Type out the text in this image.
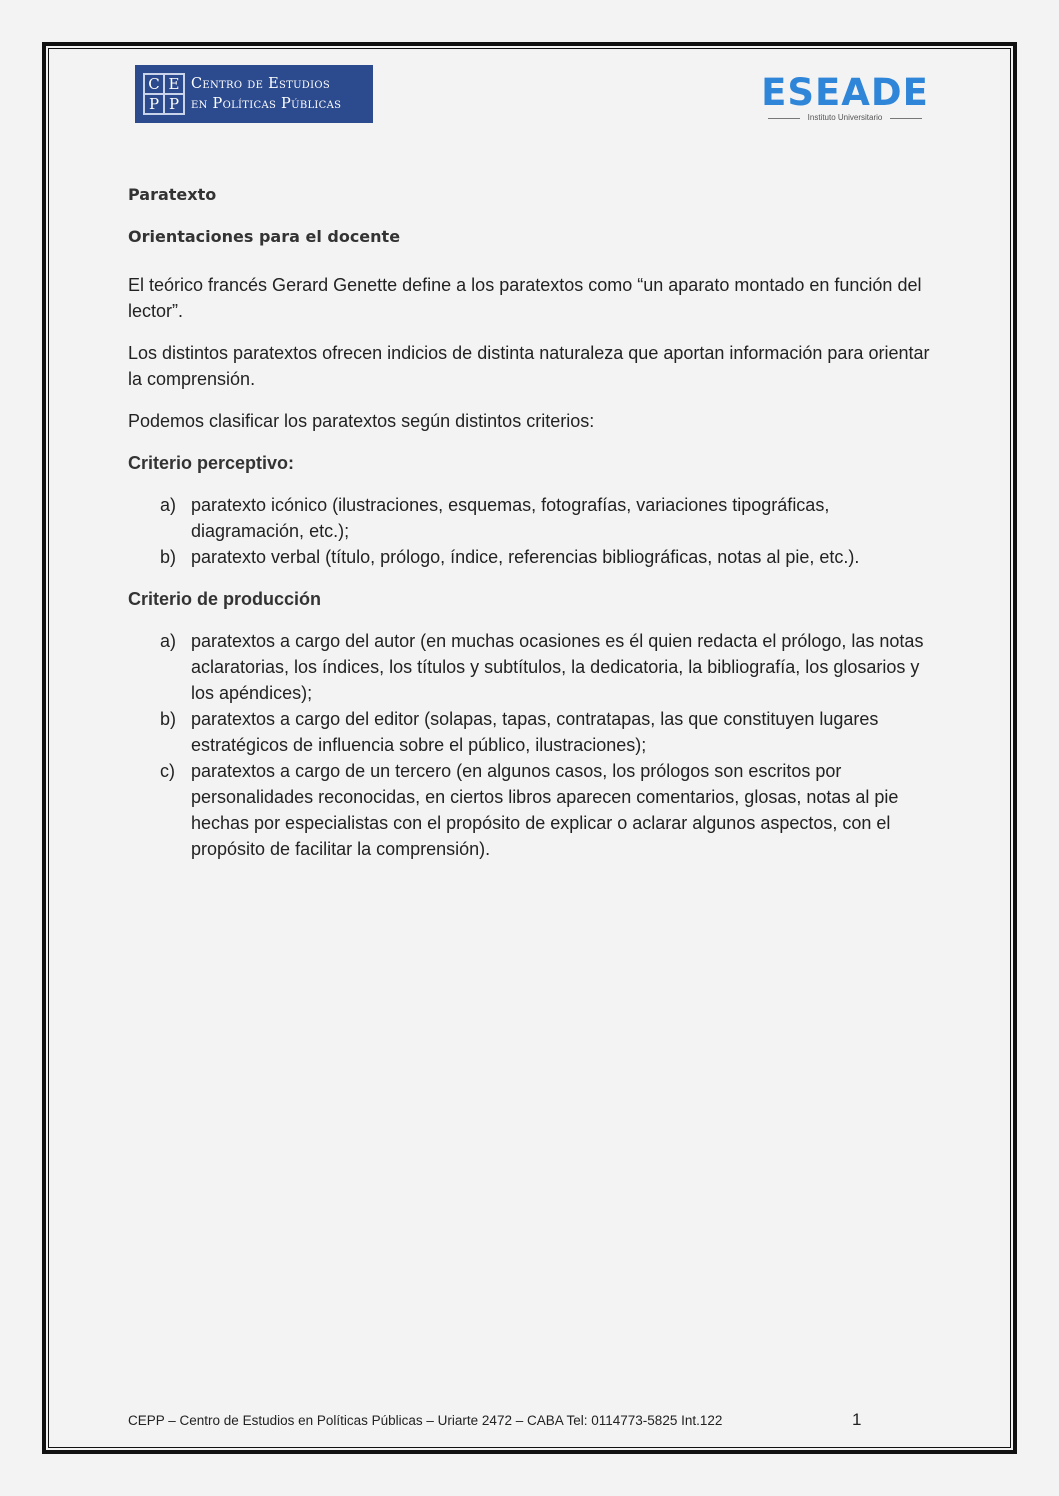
C E
P P
Centro de Estudios
en Políticas Públicas	ESEADE
Instituto Universitario
Paratexto
Orientaciones para el docente

El teórico francés Gerard Genette define a los paratextos como “un aparato montado en función del lector”.

Los distintos paratextos ofrecen indicios de distinta naturaleza que aportan información para orientar la comprensión.

Podemos clasificar los paratextos según distintos criterios:

Criterio perceptivo:
a) paratexto icónico (ilustraciones, esquemas, fotografías, variaciones tipográficas, diagramación, etc.);
b) paratexto verbal (título, prólogo, índice, referencias bibliográficas, notas al pie, etc.).
Criterio de producción
a) paratextos a cargo del autor (en muchas ocasiones es él quien redacta el prólogo, las notas aclaratorias, los índices, los títulos y subtítulos, la dedicatoria, la bibliografía, los glosarios y los apéndices);
b) paratextos a cargo del editor (solapas, tapas, contratapas, las que constituyen lugares estratégicos de influencia sobre el público, ilustraciones);
c) paratextos a cargo de un tercero (en algunos casos, los prólogos son escritos por personalidades reconocidas, en ciertos libros aparecen comentarios, glosas, notas al pie hechas por especialistas con el propósito de explicar o aclarar algunos aspectos, con el propósito de facilitar la comprensión).
CEPP – Centro de Estudios en Políticas Públicas – Uriarte 2472 – CABA Tel: 0114773-5825 Int.122	1
